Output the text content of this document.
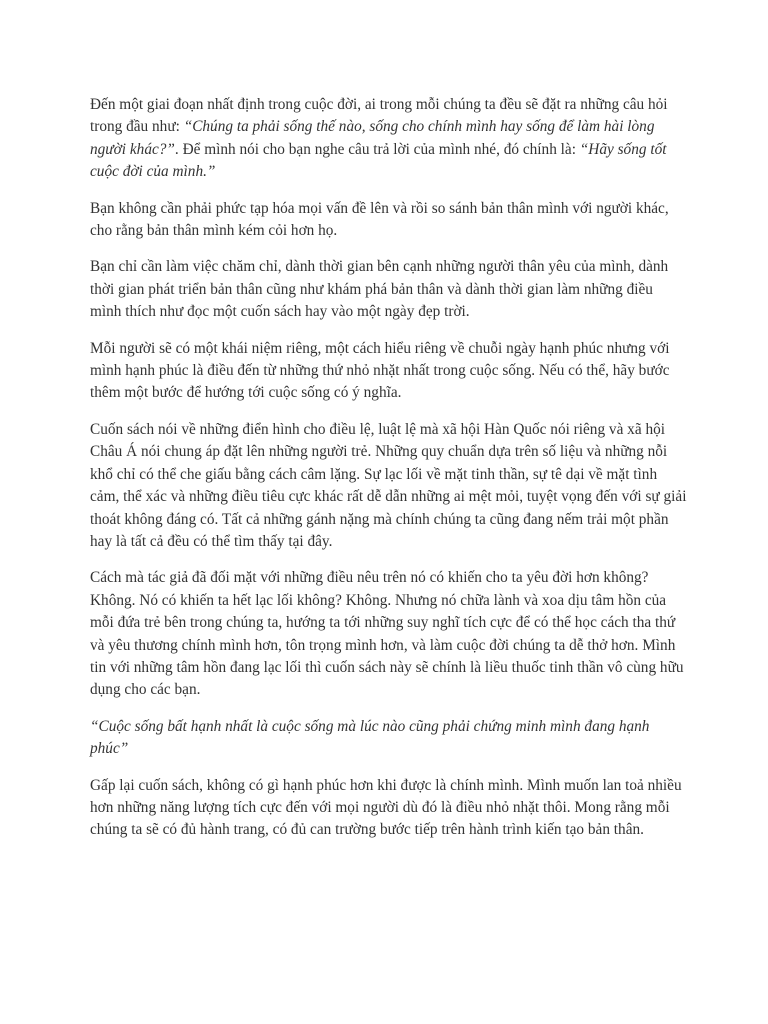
Đến một giai đoạn nhất định trong cuộc đời, ai trong mỗi chúng ta đều sẽ đặt ra những câu hỏi trong đầu như: “Chúng ta phải sống thế nào, sống cho chính mình hay sống để làm hài lòng người khác?”. Để mình nói cho bạn nghe câu trả lời của mình nhé, đó chính là: “Hãy sống tốt cuộc đời của mình.”

Bạn không cần phải phức tạp hóa mọi vấn đề lên và rồi so sánh bản thân mình với người khác, cho rằng bản thân mình kém cỏi hơn họ.

Bạn chỉ cần làm việc chăm chỉ, dành thời gian bên cạnh những người thân yêu của mình, dành thời gian phát triển bản thân cũng như khám phá bản thân và dành thời gian làm những điều mình thích như đọc một cuốn sách hay vào một ngày đẹp trời.

Mỗi người sẽ có một khái niệm riêng, một cách hiểu riêng về chuỗi ngày hạnh phúc nhưng với mình hạnh phúc là điều đến từ những thứ nhỏ nhặt nhất trong cuộc sống. Nếu có thể, hãy bước thêm một bước để hướng tới cuộc sống có ý nghĩa.

Cuốn sách nói về những điển hình cho điều lệ, luật lệ mà xã hội Hàn Quốc nói riêng và xã hội Châu Á nói chung áp đặt lên những người trẻ. Những quy chuẩn dựa trên số liệu và những nỗi khổ chỉ có thể che giấu bằng cách câm lặng. Sự lạc lối về mặt tinh thần, sự tê dại về mặt tình cảm, thể xác và những điều tiêu cực khác rất dễ dẫn những ai mệt mỏi, tuyệt vọng đến với sự giải thoát không đáng có. Tất cả những gánh nặng mà chính chúng ta cũng đang nếm trải một phần hay là tất cả đều có thể tìm thấy tại đây.

Cách mà tác giả đã đối mặt với những điều nêu trên nó có khiến cho ta yêu đời hơn không? Không. Nó có khiến ta hết lạc lối không? Không. Nhưng nó chữa lành và xoa dịu tâm hồn của mỗi đứa trẻ bên trong chúng ta, hướng ta tới những suy nghĩ tích cực để có thể học cách tha thứ và yêu thương chính mình hơn, tôn trọng mình hơn, và làm cuộc đời chúng ta dễ thở hơn. Mình tin với những tâm hồn đang lạc lối thì cuốn sách này sẽ chính là liều thuốc tinh thần vô cùng hữu dụng cho các bạn.

“Cuộc sống bất hạnh nhất là cuộc sống mà lúc nào cũng phải chứng minh mình đang hạnh phúc”

Gấp lại cuốn sách, không có gì hạnh phúc hơn khi được là chính mình. Mình muốn lan toả nhiều hơn những năng lượng tích cực đến với mọi người dù đó là điều nhỏ nhặt thôi. Mong rằng mỗi chúng ta sẽ có đủ hành trang, có đủ can trường bước tiếp trên hành trình kiến tạo bản thân.
